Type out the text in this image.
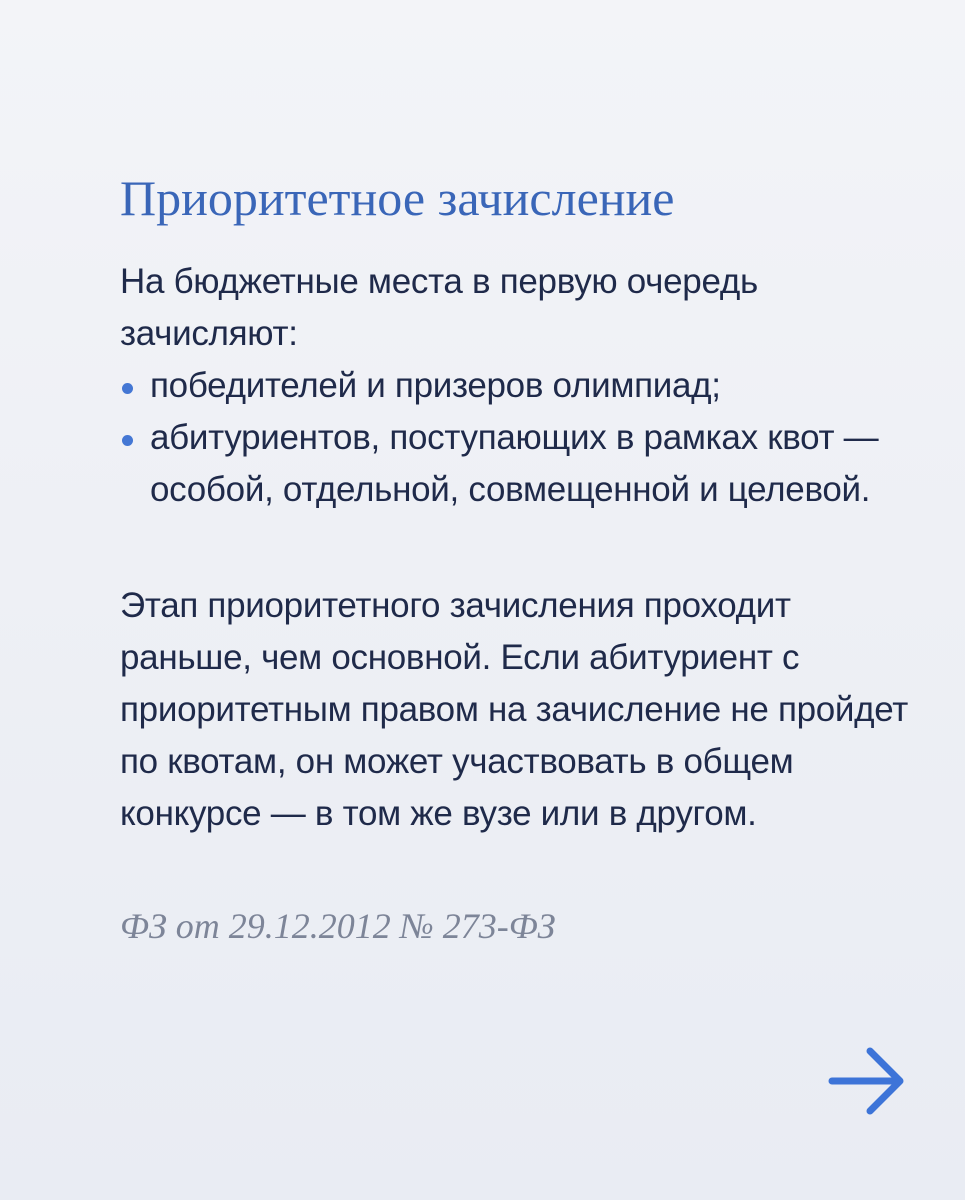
Приоритетное зачисление

На бюджетные места в первую очередь зачисляют:

победителей и призеров олимпиад;
абитуриентов, поступающих в рамках квот — особой, отдельной, совмещенной и целевой.

Этап приоритетного зачисления проходит раньше, чем основной. Если абитуриент с приоритетным правом на зачисление не пройдет по квотам, он может участвовать в общем конкурсе — в том же вузе или в другом.

ФЗ от 29.12.2012 № 273-ФЗ
